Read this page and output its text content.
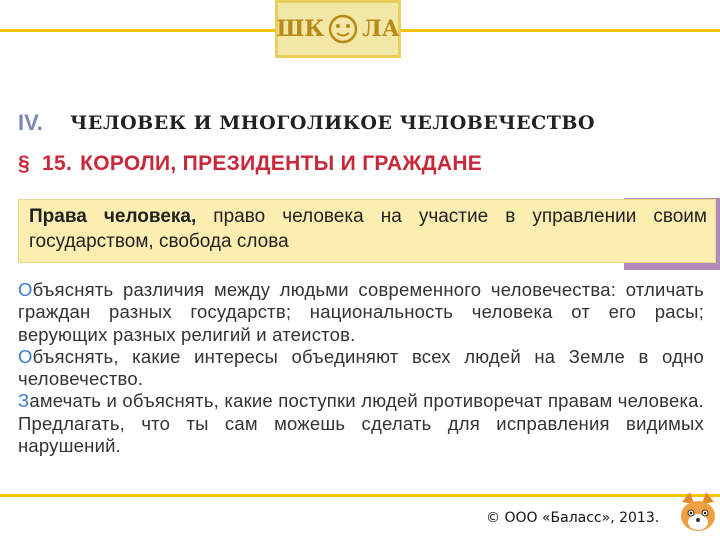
ШК ЛА
IV. ЧЕЛОВЕК И МНОГОЛИКОЕ ЧЕЛОВЕЧЕСТВО
§ 15. КОРОЛИ, ПРЕЗИДЕНТЫ И ГРАЖДАНЕ
Права человека, право человека на участие в управлении своим государством, свобода слова

Объяснять различия между людьми современного человечества: отличать граждан разных государств; национальность человека от его расы; верующих разных религий и атеистов.

Объяснять, какие интересы объединяют всех людей на Земле в одно человечество.

Замечать и объяснять, какие поступки людей противоречат правам человека. Предлагать, что ты сам можешь сделать для исправления видимых нарушений.

© ООО «Баласс», 2013.
